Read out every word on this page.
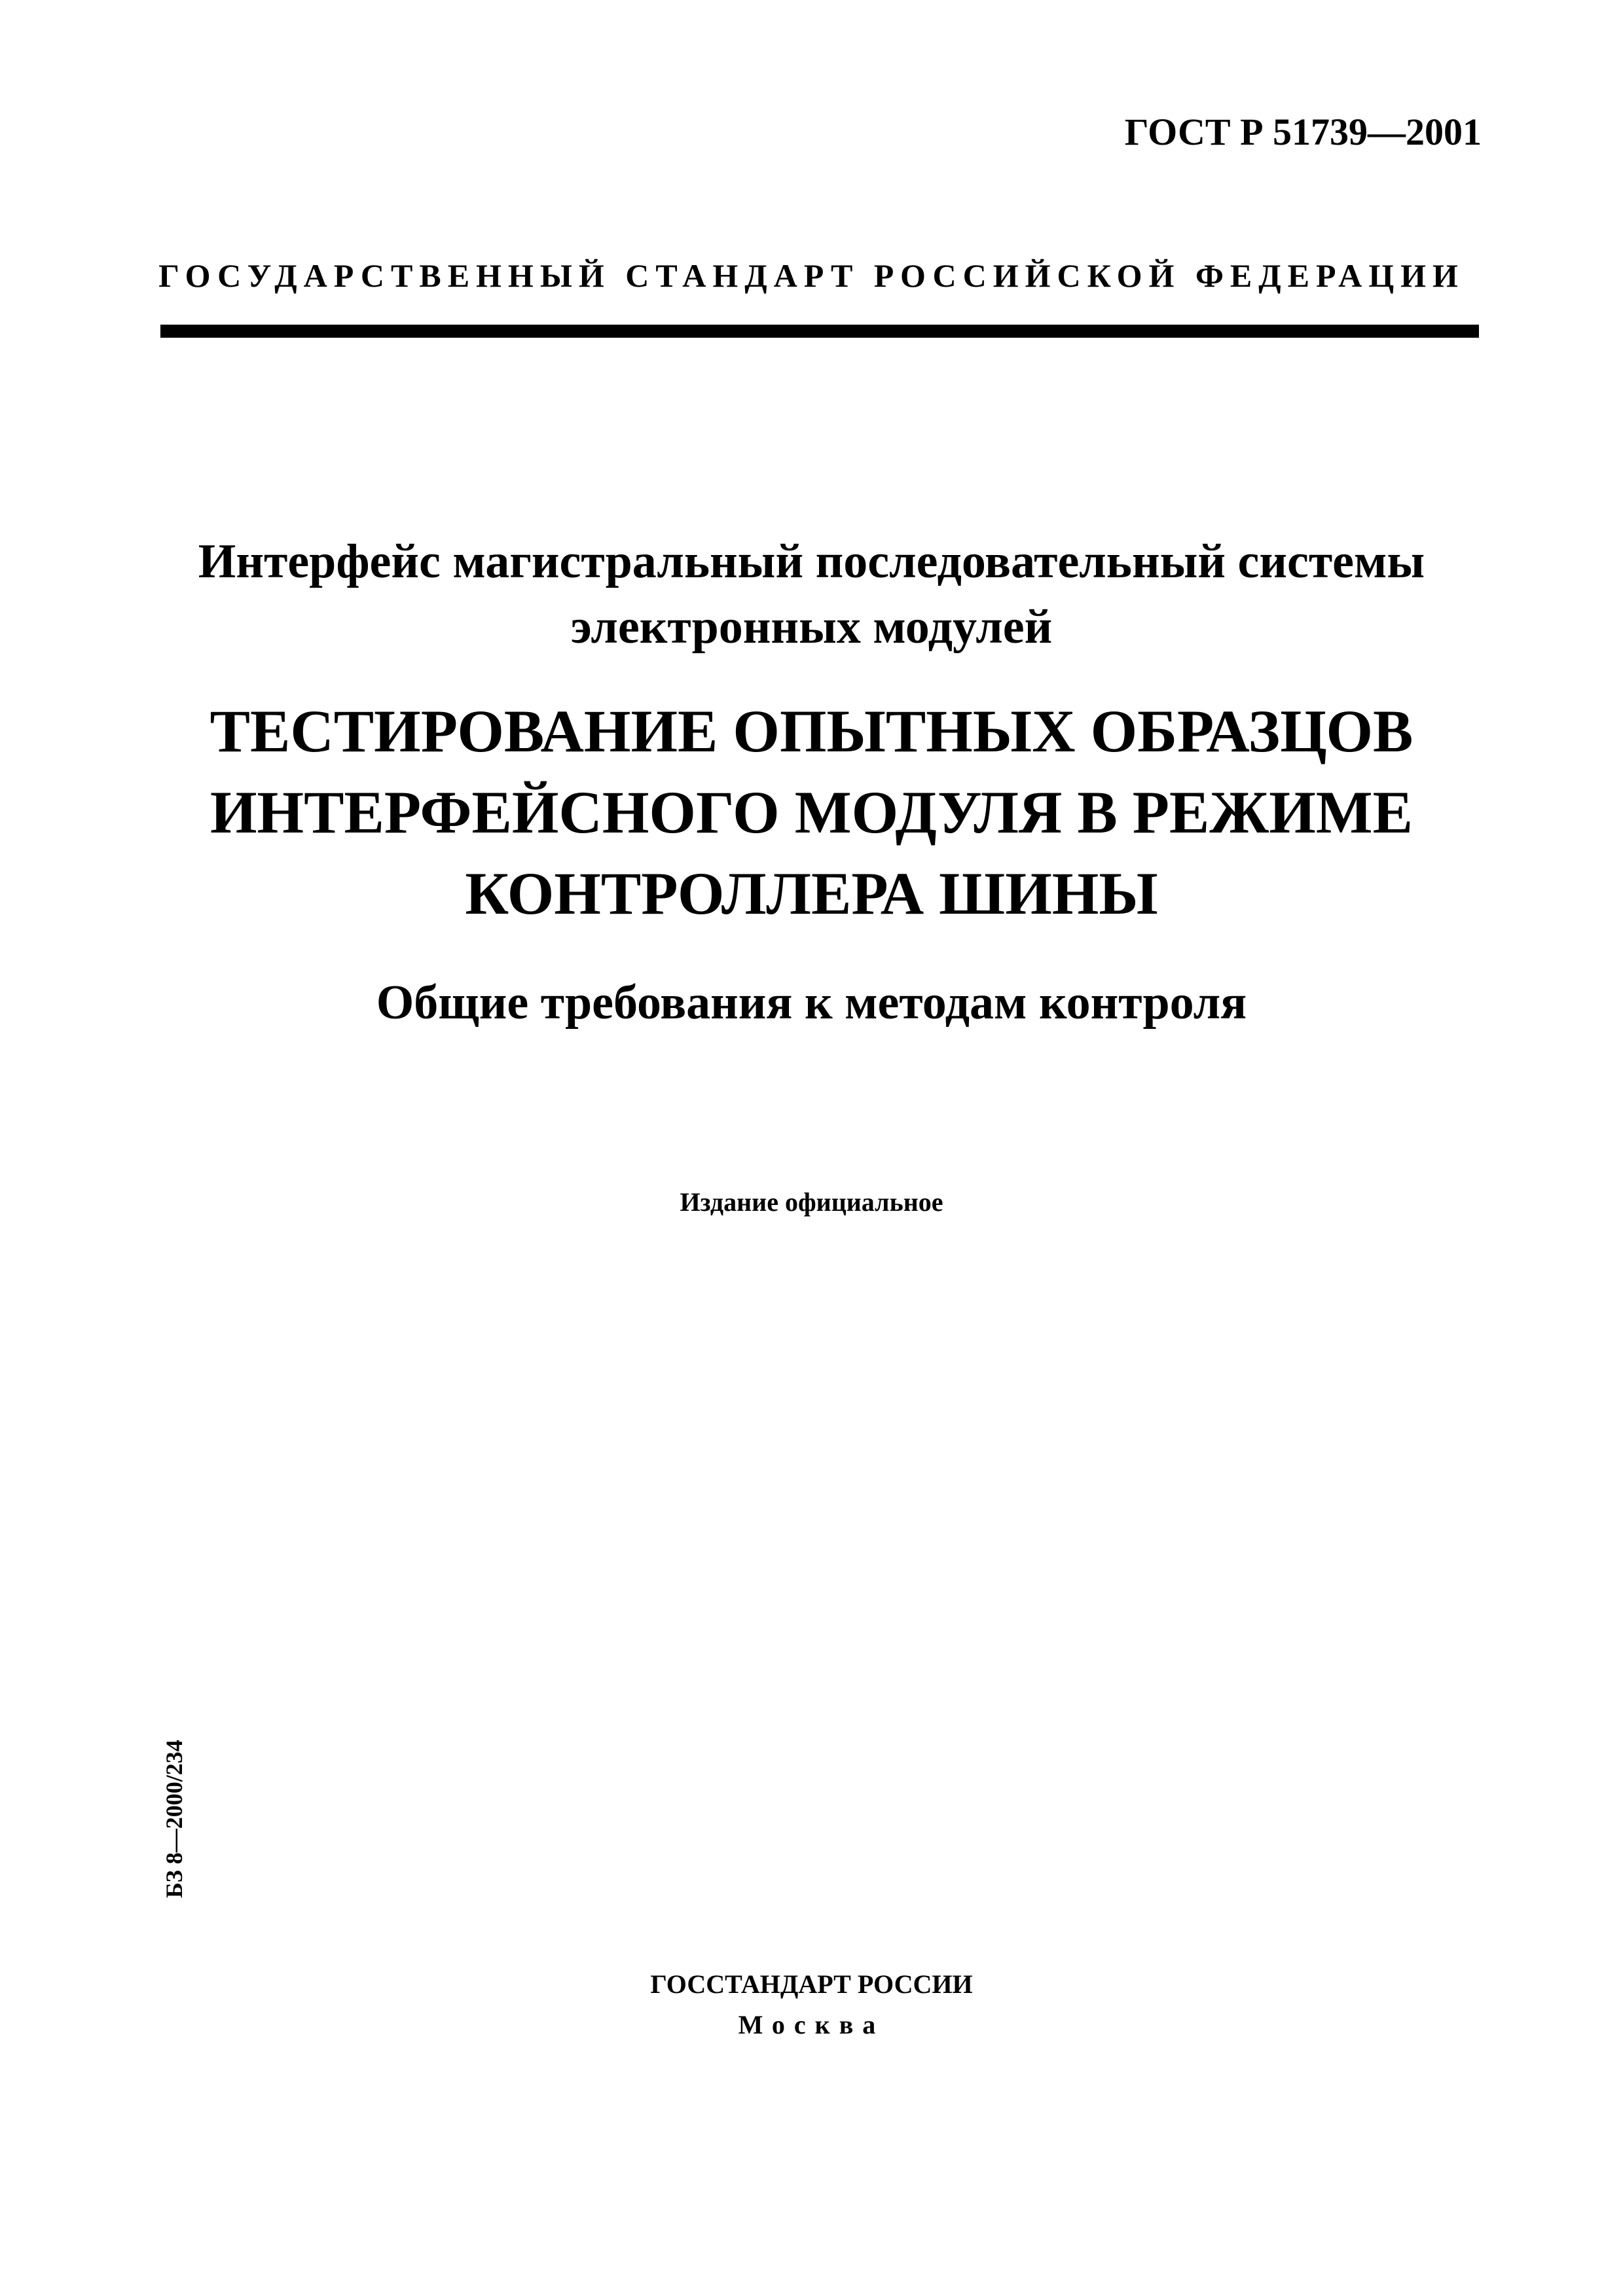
ГОСТ Р 51739—2001
ГОСУДАРСТВЕННЫЙ СТАНДАРТ РОССИЙСКОЙ ФЕДЕРАЦИИ
Интерфейс магистральный последовательный системы
электронных модулей
ТЕСТИРОВАНИЕ ОПЫТНЫХ ОБРАЗЦОВ
ИНТЕРФЕЙСНОГО МОДУЛЯ В РЕЖИМЕ
КОНТРОЛЛЕРА ШИНЫ
Общие требования к методам контроля
Издание официальное
БЗ 8—2000/234
ГОССТАНДАРТ РОССИИ
Москва
